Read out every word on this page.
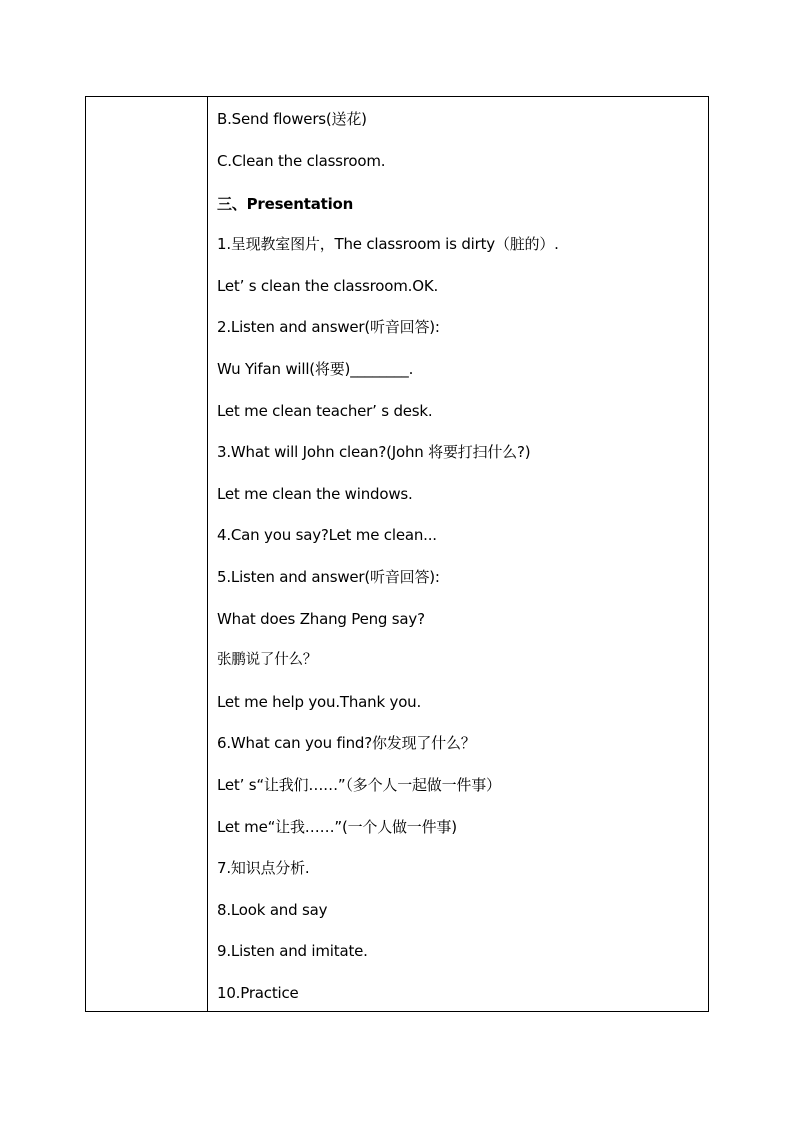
B.Send flowers(送花)
C.Clean the classroom.
三、Presentation
1.呈现教室图片，The classroom is dirty（脏的）.
Let’ s clean the classroom.OK.
2.Listen and answer(听音回答):
Wu Yifan will(将要)________.
Let me clean teacher’ s desk.
3.What will John clean?(John 将要打扫什么?)
Let me clean the windows.
4.Can you say?Let me clean...
5.Listen and answer(听音回答):
What does Zhang Peng say?
张鹏说了什么？
Let me help you.Thank you.
6.What can you find?你发现了什么？
Let’ s“让我们……”（多个人一起做一件事）
Let me“让我……”(一个人做一件事)
7.知识点分析.
8.Look and say
9.Listen and imitate.
10.Practice
